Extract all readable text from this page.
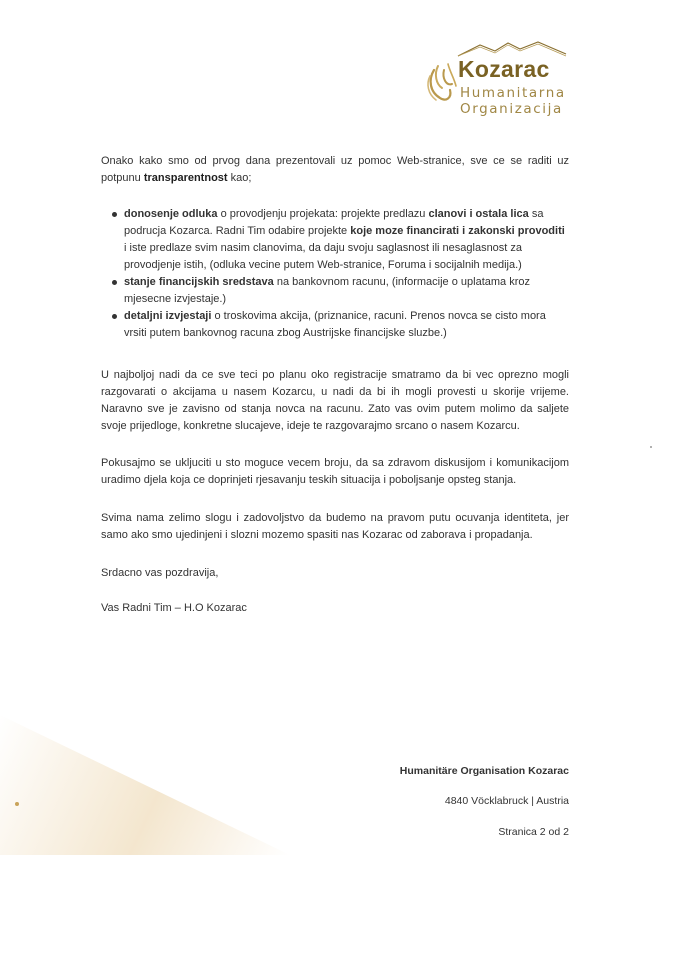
Kozarac
Humanitarna
Organizacija
Onako kako smo od prvog dana prezentovali uz pomoc Web-stranice, sve ce se raditi uz potpunu transparentnost kao;
donosenje odluka o provodjenju projekata: projekte predlazu clanovi i ostala lica sa podrucja Kozarca. Radni Tim odabire projekte koje moze financirati i zakonski provoditi i iste predlaze svim nasim clanovima, da daju svoju saglasnost ili nesaglasnost za provodjenje istih, (odluka vecine putem Web-stranice, Foruma i socijalnih medija.)
stanje financijskih sredstava na bankovnom racunu, (informacije o uplatama kroz mjesecne izvjestaje.)
detaljni izvjestaji o troskovima akcija, (priznanice, racuni. Prenos novca se cisto mora vrsiti putem bankovnog racuna zbog Austrijske financijske sluzbe.)
U najboljoj nadi da ce sve teci po planu oko registracije smatramo da bi vec oprezno mogli razgovarati o akcijama u nasem Kozarcu, u nadi da bi ih mogli provesti u skorije vrijeme. Naravno sve je zavisno od stanja novca na racunu. Zato vas ovim putem molimo da saljete svoje prijedloge, konkretne slucajeve, ideje te razgovarajmo srcano o nasem Kozarcu.
Pokusajmo se ukljuciti u sto moguce vecem broju, da sa zdravom diskusijom i komunikacijom uradimo djela koja ce doprinjeti rjesavanju teskih situacija i poboljsanje opsteg stanja.
Svima nama zelimo slogu i zadovoljstvo da budemo na pravom putu ocuvanja identiteta, jer samo ako smo ujedinjeni i slozni mozemo spasiti nas Kozarac od zaborava i propadanja.
Srdacno vas pozdravija,
Vas Radni Tim – H.O Kozarac
Humanitäre Organisation Kozarac
4840 Vöcklabruck | Austria
Stranica 2 od 2
